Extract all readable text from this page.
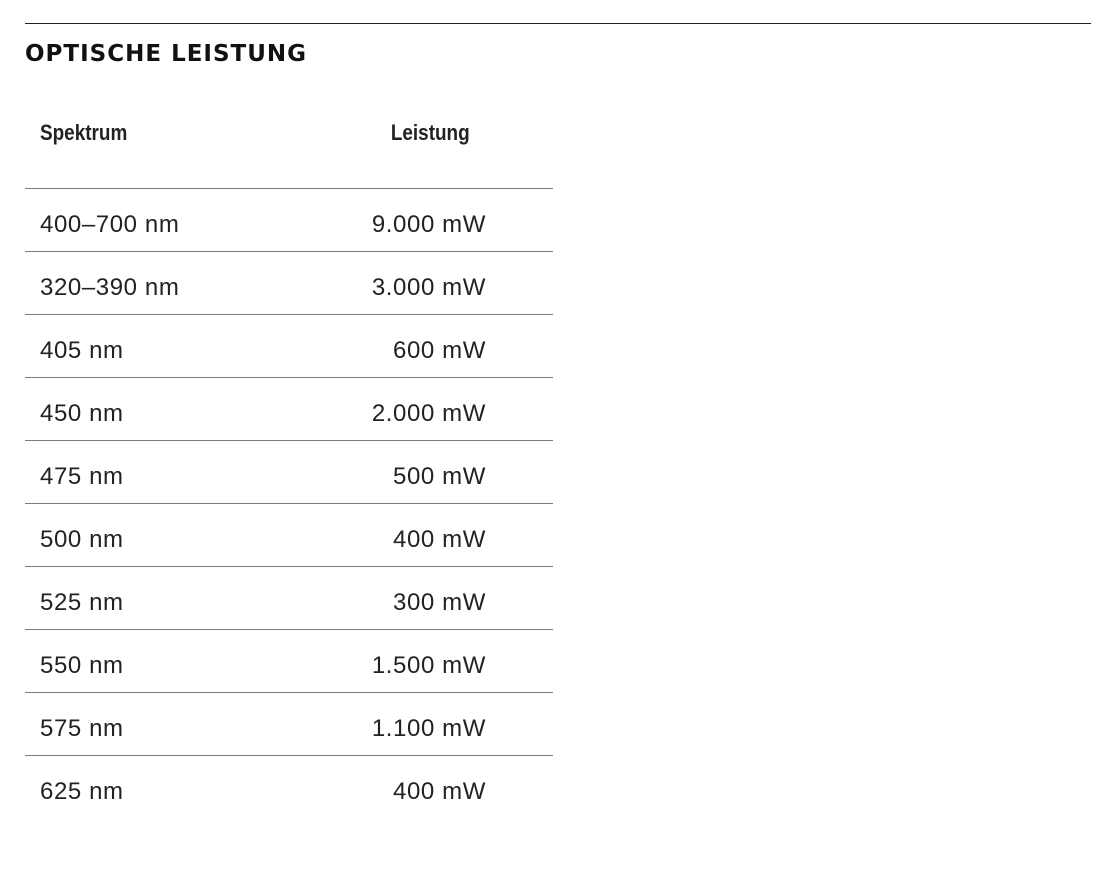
OPTISCHE LEISTUNG
Spektrum	Leistung
400–700 nm	9.000 mW
320–390 nm	3.000 mW
405 nm	600 mW
450 nm	2.000 mW
475 nm	500 mW
500 nm	400 mW
525 nm	300 mW
550 nm	1.500 mW
575 nm	1.100 mW
625 nm	400 mW
